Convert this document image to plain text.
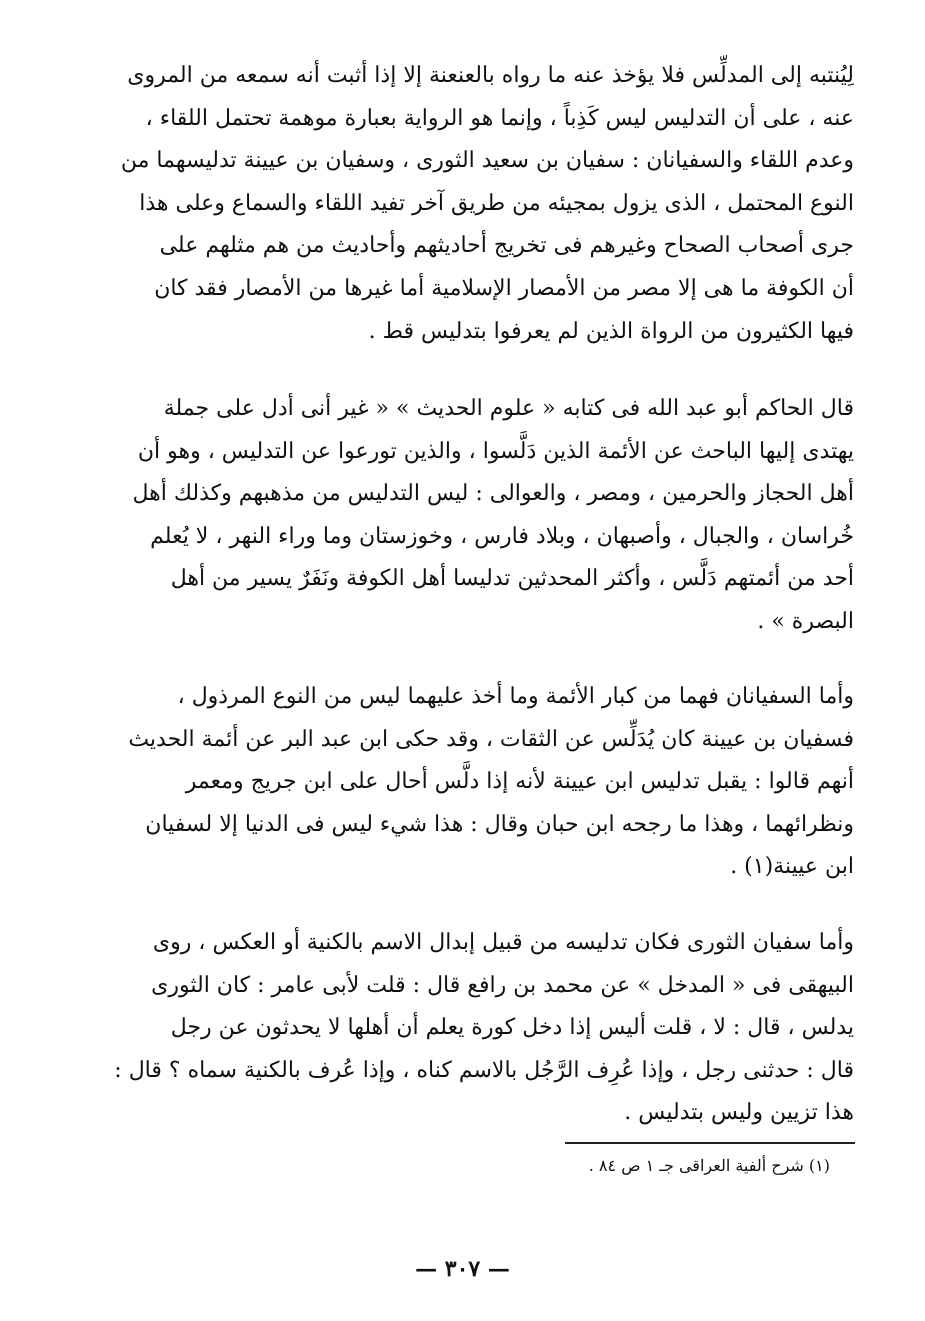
لِيُنتبه إلى المدلِّس فلا يؤخذ عنه ما رواه بالعنعنة إلا إذا أثبت أنه سمعه من المروى
عنه ، على أن التدليس ليس كَذِباً ، وإنما هو الرواية بعبارة موهمة تحتمل اللقاء ،
وعدم اللقاء والسفيانان : سفيان بن سعيد الثورى ، وسفيان بن عيينة تدليسهما من
النوع المحتمل ، الذى يزول بمجيئه من طريق آخر تفيد اللقاء والسماع وعلى هذا
جرى أصحاب الصحاح وغيرهم فى تخريج أحاديثهم وأحاديث من هم مثلهم على
أن الكوفة ما هى إلا مصر من الأمصار الإسلامية أما غيرها من الأمصار فقد كان
فيها الكثيرون من الرواة الذين لم يعرفوا بتدليس قط .
قال الحاكم أبو عبد الله فى كتابه « علوم الحديث » « غير أنى أدل على جملة
يهتدى إليها الباحث عن الأئمة الذين دَلَّسوا ، والذين تورعوا عن التدليس ، وهو أن
أهل الحجاز والحرمين ، ومصر ، والعوالى : ليس التدليس من مذهبهم وكذلك أهل
خُراسان ، والجبال ، وأصبهان ، وبلاد فارس ، وخوزستان وما وراء النهر ، لا يُعلم
أحد من أئمتهم دَلَّس ، وأكثر المحدثين تدليسا أهل الكوفة ونَفَرٌ يسير من أهل
البصرة » .
وأما السفيانان فهما من كبار الأئمة وما أخذ عليهما ليس من النوع المرذول ،
فسفيان بن عيينة كان يُدَلِّس عن الثقات ، وقد حكى ابن عبد البر عن أئمة الحديث
أنهم قالوا : يقبل تدليس ابن عيينة لأنه إذا دلَّس أحال على ابن جريج ومعمر
ونظرائهما ، وهذا ما رجحه ابن حبان وقال : هذا شيء ليس فى الدنيا إلا لسفيان
ابن عيينة(١) .
وأما سفيان الثورى فكان تدليسه من قبيل إبدال الاسم بالكنية أو العكس ، روى
البيهقى فى « المدخل » عن محمد بن رافع قال : قلت لأبى عامر : كان الثورى
يدلس ، قال : لا ، قلت أليس إذا دخل كورة يعلم أن أهلها لا يحدثون عن رجل
قال : حدثنى رجل ، وإذا عُرِف الرَّجُل بالاسم كناه ، وإذا عُرف بالكنية سماه ؟ قال :
هذا تزيين وليس بتدليس .
(١) شرح ألفية العراقى جـ ١ ص ٨٤ .
— ٣٠٧ —
